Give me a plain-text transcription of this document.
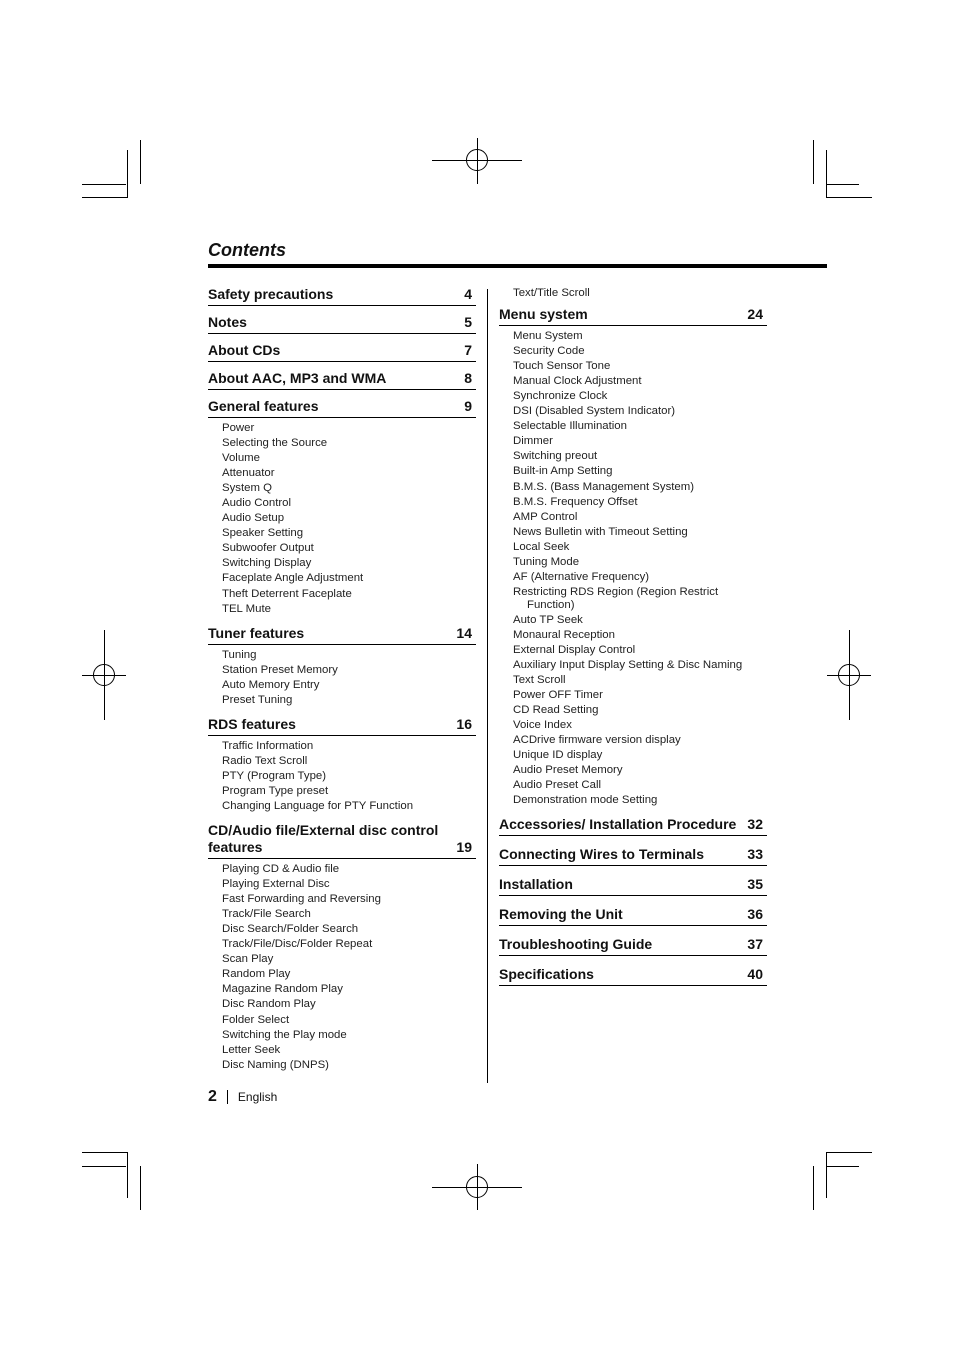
Contents
Safety precautions	4
Notes	5
About CDs	7
About AAC, MP3 and WMA	8
General features	9
Power
Selecting the Source
Volume
Attenuator
System Q
Audio Control
Audio Setup
Speaker Setting
Subwoofer Output
Switching Display
Faceplate Angle Adjustment
Theft Deterrent Faceplate
TEL Mute
Tuner features	14
Tuning
Station Preset Memory
Auto Memory Entry
Preset Tuning
RDS features	16
Traffic Information
Radio Text Scroll
PTY (Program Type)
Program Type preset
Changing Language for PTY Function
CD/Audio file/External disc control
features	19
Playing CD & Audio file
Playing External Disc
Fast Forwarding and Reversing
Track/File Search
Disc Search/Folder Search
Track/File/Disc/Folder Repeat
Scan Play
Random Play
Magazine Random Play
Disc Random Play
Folder Select
Switching the Play mode
Letter Seek
Disc Naming (DNPS)
Text/Title Scroll
Menu system	24
Menu System
Security Code
Touch Sensor Tone
Manual Clock Adjustment
Synchronize Clock
DSI (Disabled System Indicator)
Selectable Illumination
Dimmer
Switching preout
Built-in Amp Setting
B.M.S. (Bass Management System)
B.M.S. Frequency Offset
AMP Control
News Bulletin with Timeout Setting
Local Seek
Tuning Mode
AF (Alternative Frequency)
Restricting RDS Region (Region Restrict
Function)
Auto TP Seek
Monaural Reception
External Display Control
Auxiliary Input Display Setting & Disc Naming
Text Scroll
Power OFF Timer
CD Read Setting
Voice Index
ACDrive firmware version display
Unique ID display
Audio Preset Memory
Audio Preset Call
Demonstration mode Setting
Accessories/ Installation Procedure 32
Connecting Wires to Terminals	33
Installation	35
Removing the Unit	36
Troubleshooting Guide	37
Specifications	40
2 English
